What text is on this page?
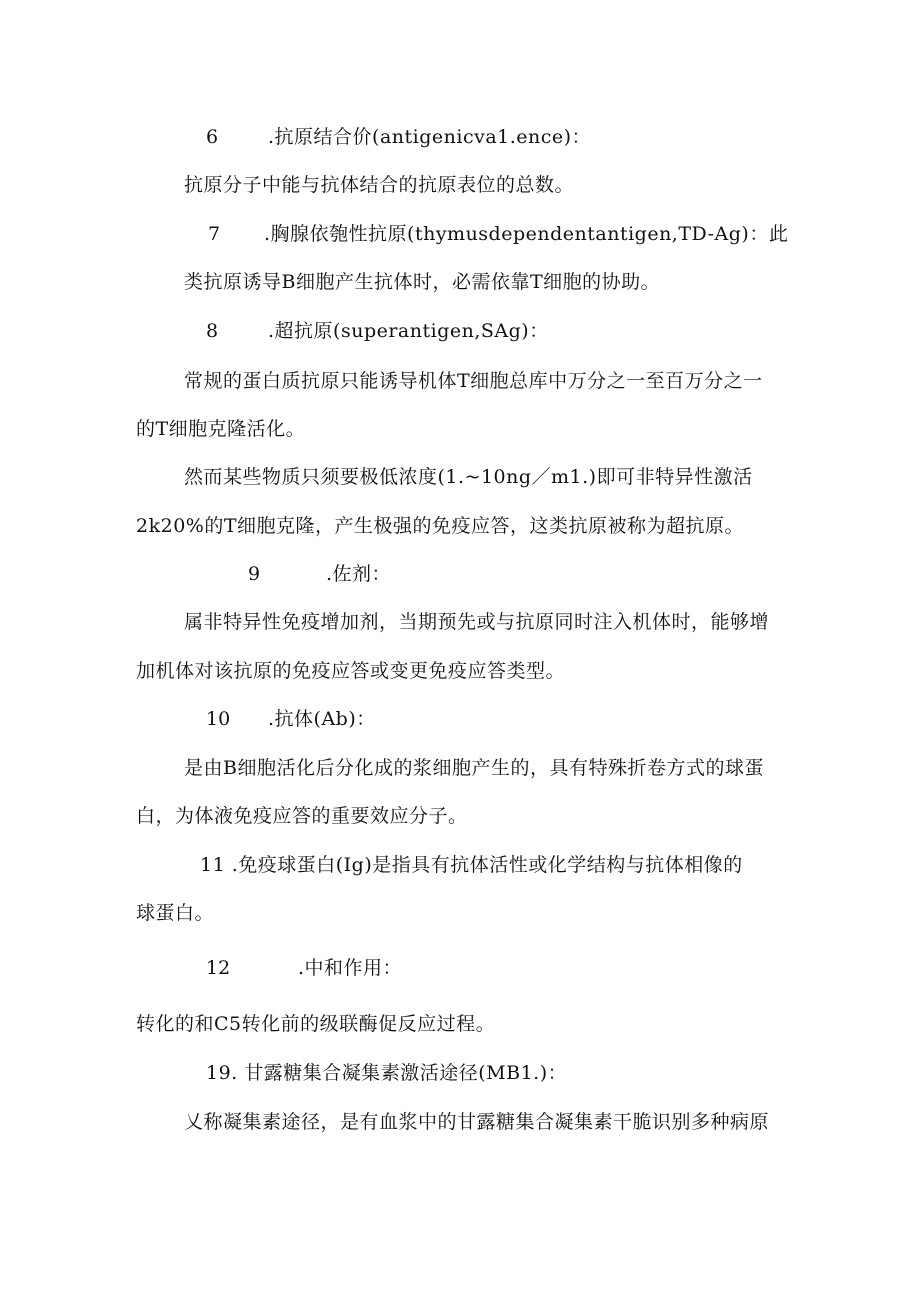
6	.抗原结合价(antigenicva1.ence)：
抗原分子中能与抗体结合的抗原表位的总数。
7 .胸腺依匏性抗原(thymusdependentantigen,TD-Ag)：此
类抗原诱导B细胞产生抗体时，必需依靠T细胞的协助。
8	.超抗原(superantigen,SAg)：
常规的蛋白质抗原只能诱导机体T细胞总库中万分之一至百万分之一
的T细胞克隆活化。
然而某些物质只须要极低浓度(1.~10ng／m1.)即可非特异性激活
2k20%的T细胞克隆，产生极强的免疫应答，这类抗原被称为超抗原。
9	.佐剂：
属非特异性免疫增加剂，当期预先或与抗原同时注入机体时，能够增
加机体对该抗原的免疫应答或变更免疫应答类型。
10 .抗体(Ab)：
是由B细胞活化后分化成的浆细胞产生的，具有特殊折卷方式的球蛋
白，为体液免疫应答的重要效应分子。
11 .免疫球蛋白(Ig)是指具有抗体活性或化学结构与抗体相像的
球蛋白。
12	.中和作用：
转化的和C5转化前的级联酶促反应过程。
19. 甘露糖集合凝集素激活途径(MB1.)：
乂称凝集素途径，是有血浆中的甘露糖集合凝集素干脆识别多种病原
